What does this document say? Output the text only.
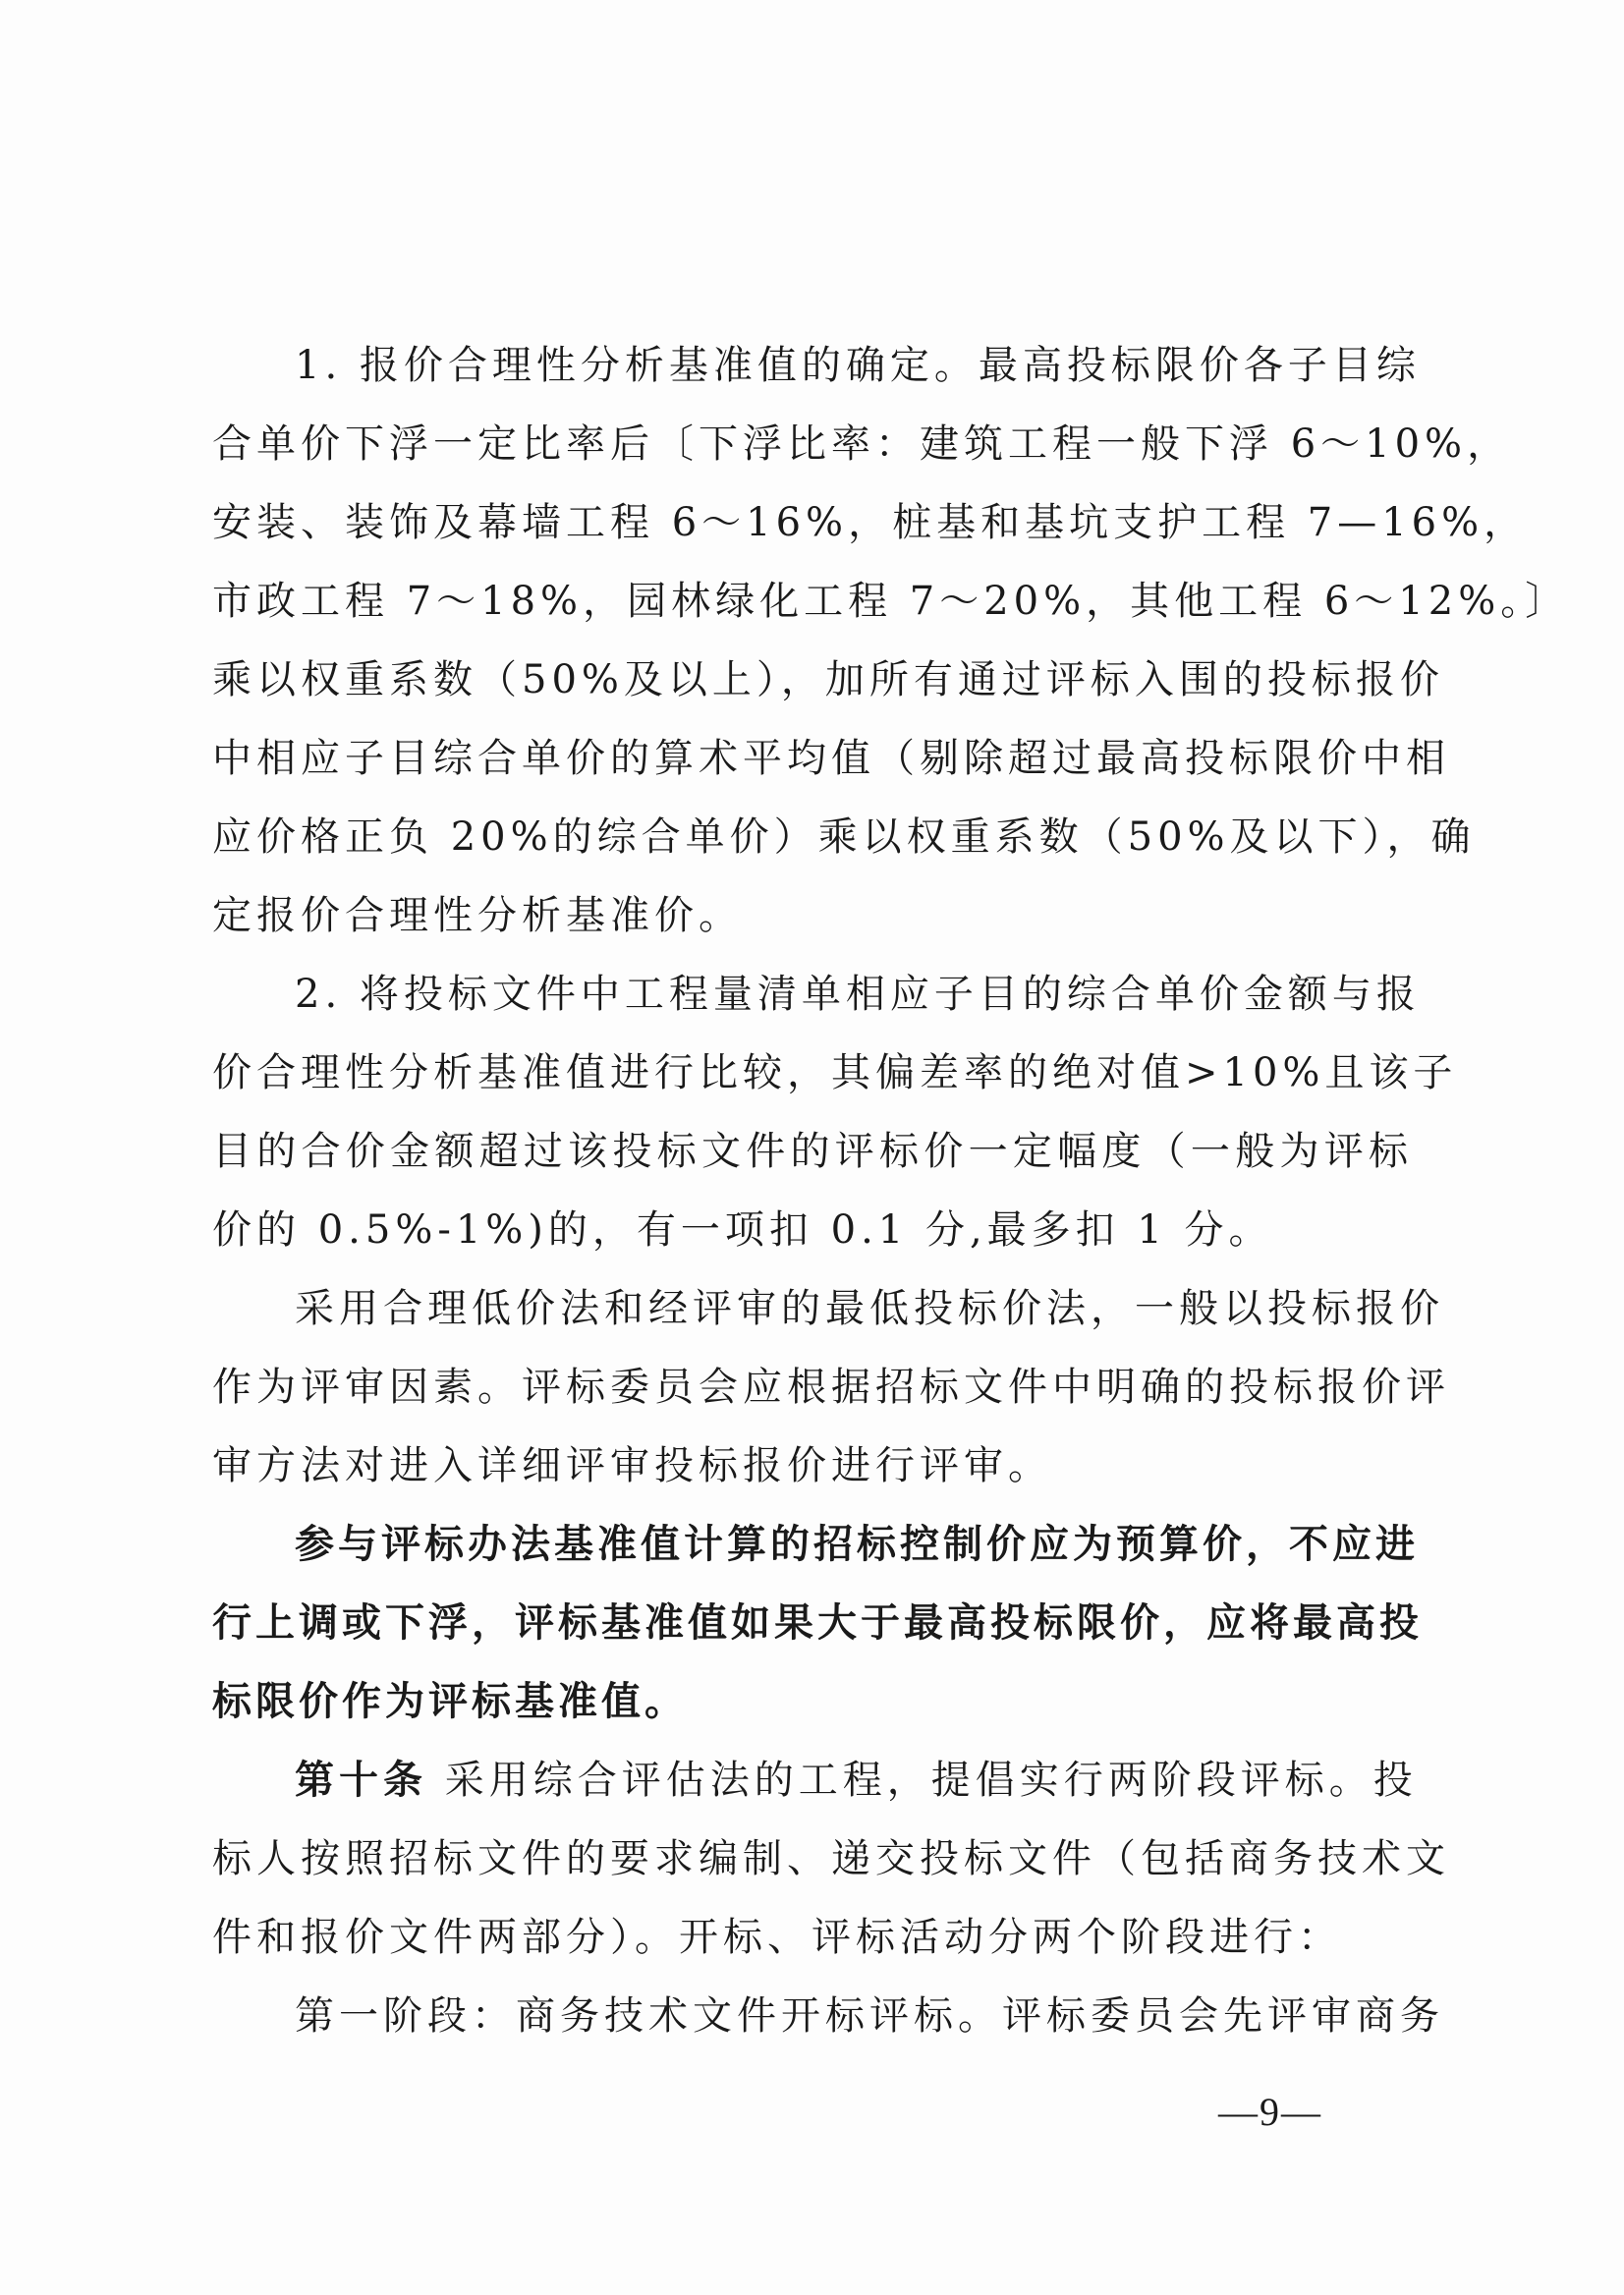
1. 报价合理性分析基准值的确定。最高投标限价各子目综
合单价下浮一定比率后〔下浮比率：建筑工程一般下浮 6～10%，
安装、装饰及幕墙工程 6～16%，桩基和基坑支护工程 7—16%，
市政工程 7～18%，园林绿化工程 7～20%，其他工程 6～12%。〕
乘以权重系数（50%及以上），加所有通过评标入围的投标报价
中相应子目综合单价的算术平均值（剔除超过最高投标限价中相
应价格正负 20%的综合单价）乘以权重系数（50%及以下），确
定报价合理性分析基准价。
2. 将投标文件中工程量清单相应子目的综合单价金额与报
价合理性分析基准值进行比较，其偏差率的绝对值>10%且该子
目的合价金额超过该投标文件的评标价一定幅度（一般为评标
价的 0.5%-1%)的，有一项扣 0.1 分,最多扣 1 分。
采用合理低价法和经评审的最低投标价法，一般以投标报价
作为评审因素。评标委员会应根据招标文件中明确的投标报价评
审方法对进入详细评审投标报价进行评审。
参与评标办法基准值计算的招标控制价应为预算价，不应进
行上调或下浮，评标基准值如果大于最高投标限价，应将最高投
标限价作为评标基准值。
第十条 采用综合评估法的工程，提倡实行两阶段评标。投
标人按照招标文件的要求编制、递交投标文件（包括商务技术文
件和报价文件两部分）。开标、评标活动分两个阶段进行：
第一阶段：商务技术文件开标评标。评标委员会先评审商务
—9—
